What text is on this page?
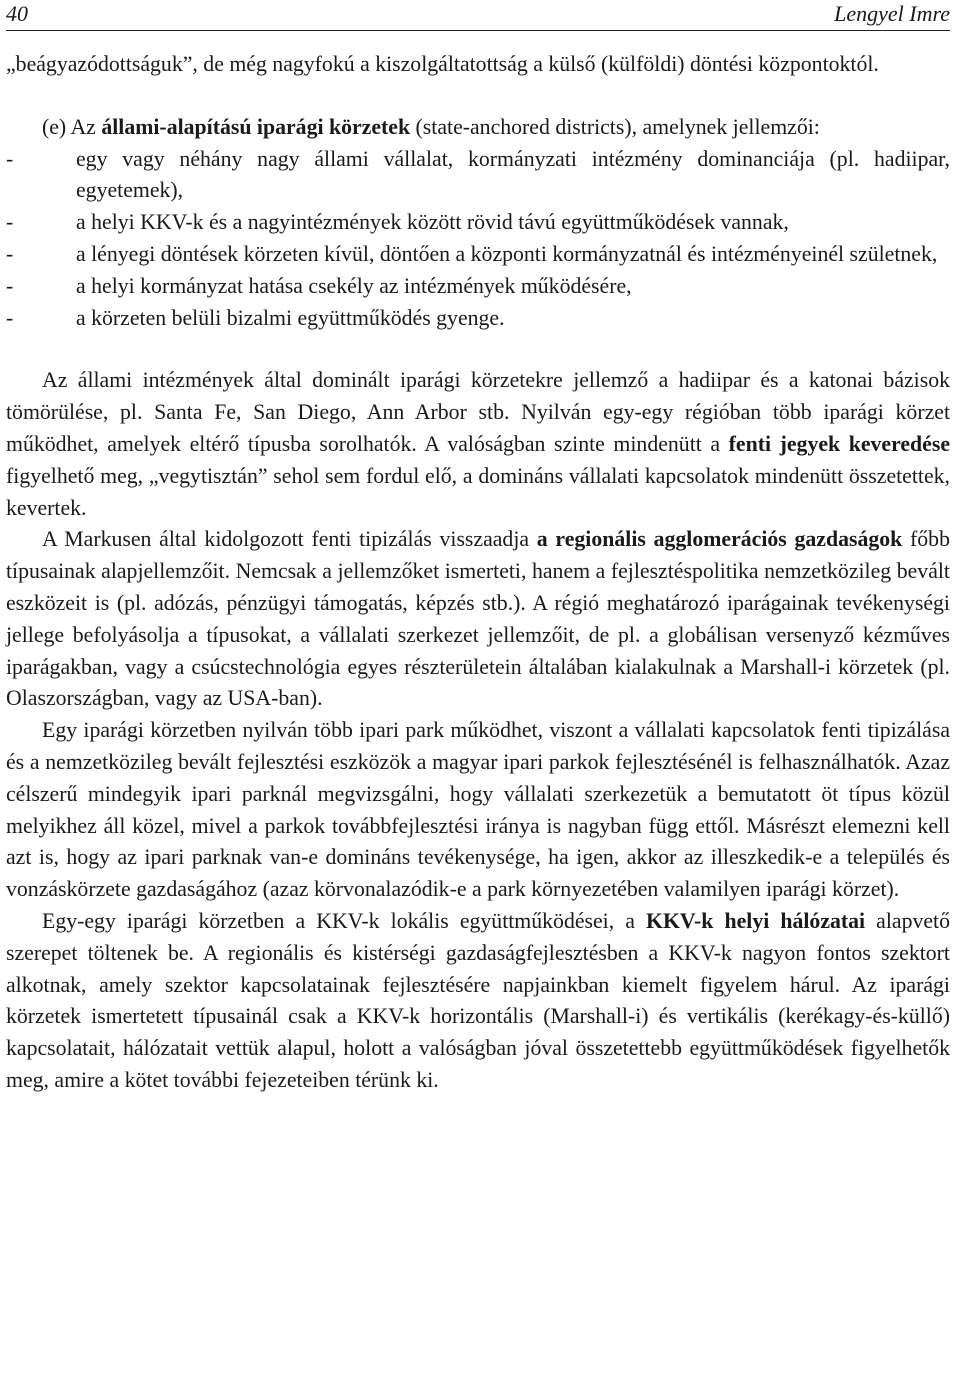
40	Lengyel Imre

„beágyazódottságuk”, de még nagyfokú a kiszolgáltatottság a külső (külföldi) döntési központoktól.

(e) Az állami-alapítású iparági körzetek (state-anchored districts), amelynek jellemzői:

-	egy vagy néhány nagy állami vállalat, kormányzati intézmény dominanciája (pl. hadiipar, egyetemek),
-	a helyi KKV-k és a nagyintézmények között rövid távú együttműködések vannak,
-	a lényegi döntések körzeten kívül, döntően a központi kormányzatnál és intézményeinél születnek,
-	a helyi kormányzat hatása csekély az intézmények működésére,
-	a körzeten belüli bizalmi együttműködés gyenge.

Az állami intézmények által dominált iparági körzetekre jellemző a hadiipar és a katonai bázisok tömörülése, pl. Santa Fe, San Diego, Ann Arbor stb. Nyilván egy-egy régióban több iparági körzet működhet, amelyek eltérő típusba sorolhatók. A valóságban szinte mindenütt a fenti jegyek keveredése figyelhető meg, „vegytisztán” sehol sem fordul elő, a domináns vállalati kapcsolatok mindenütt összetettek, kevertek.

A Markusen által kidolgozott fenti tipizálás visszaadja a regionális agglomerációs gazdaságok főbb típusainak alapjellemzőit. Nemcsak a jellemzőket ismerteti, hanem a fejlesztéspolitika nemzetközileg bevált eszközeit is (pl. adózás, pénzügyi támogatás, képzés stb.). A régió meghatározó iparágainak tevékenységi jellege befolyásolja a típusokat, a vállalati szerkezet jellemzőit, de pl. a globálisan versenyző kézműves iparágakban, vagy a csúcstechnológia egyes részterületein általában kialakulnak a Marshall-i körzetek (pl. Olaszországban, vagy az USA-ban).

Egy iparági körzetben nyilván több ipari park működhet, viszont a vállalati kapcsolatok fenti tipizálása és a nemzetközileg bevált fejlesztési eszközök a magyar ipari parkok fejlesztésénél is felhasználhatók. Azaz célszerű mindegyik ipari parknál megvizsgálni, hogy vállalati szerkezetük a bemutatott öt típus közül melyikhez áll közel, mivel a parkok továbbfejlesztési iránya is nagyban függ ettől. Másrészt elemezni kell azt is, hogy az ipari parknak van-e domináns tevékenysége, ha igen, akkor az illeszkedik-e a település és vonzáskörzete gazdaságához (azaz körvonalazódik-e a park környezetében valamilyen iparági körzet).

Egy-egy iparági körzetben a KKV-k lokális együttműködései, a KKV-k helyi hálózatai alapvető szerepet töltenek be. A regionális és kistérségi gazdaságfejlesztésben a KKV-k nagyon fontos szektort alkotnak, amely szektor kapcsolatainak fejlesztésére napjainkban kiemelt figyelem hárul. Az iparági körzetek ismertetett típusainál csak a KKV-k horizontális (Marshall-i) és vertikális (kerékagy-és-küllő) kapcsolatait, hálózatait vettük alapul, holott a valóságban jóval összetettebb együttműködések figyelhetők meg, amire a kötet további fejezeteiben térünk ki.
